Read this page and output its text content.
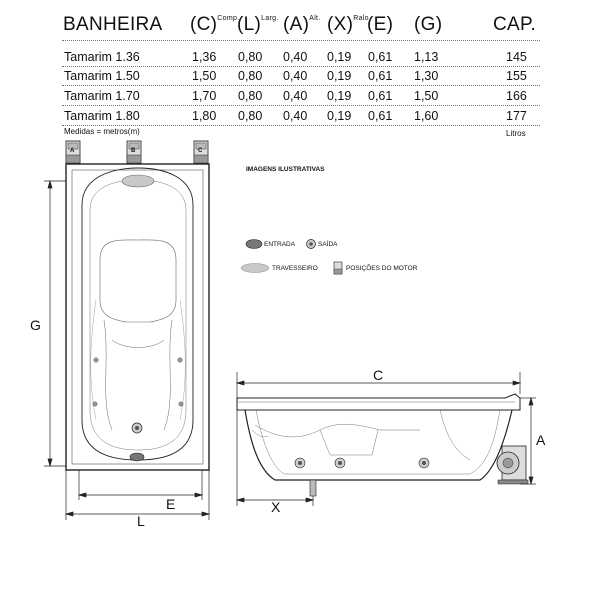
BANHEIRA $(C)^{Comp.}$
$(L)^{Larg.}$ $(A)^{Alt.}$ $(X)^{Ralo}$
(E) (G)	CAP.
Tamarim 1.36	1,36 0,80 0,40 0,19 0,61 1,13	145
Tamarim 1.50	1,50 0,80 0,40 0,19 0,61 1,30	155
Tamarim 1.70	1,70 0,80 0,40 0,19 0,61 1,50	166
Tamarim 1.80	1,80 0,80 0,40 0,19 0,61 1,60	177
Medidas = metros(m)	Litros
A	B	C
IMAGENS ILUSTRATIVAS
ENTRADA	SAÍDA
TRAVESSEIRO	POSIÇÕES DO MOTOR
G
E
L
C
X
A
